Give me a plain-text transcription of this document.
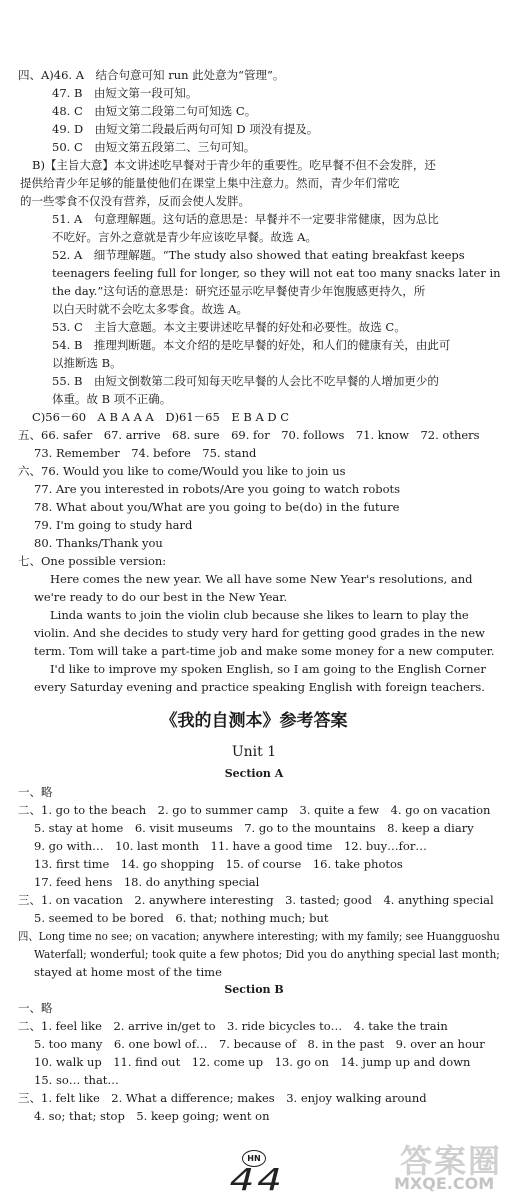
四、A)46. A　结合句意可知 run 此处意为“管理”。
47. B　由短文第一段可知。
48. C　由短文第二段第二句可知选 C。
49. D　由短文第二段最后两句可知 D 项没有提及。
50. C　由短文第五段第二、三句可知。
B)【主旨大意】本文讲述吃早餐对于青少年的重要性。吃早餐不但不会发胖，还
提供给青少年足够的能量使他们在课堂上集中注意力。然而，青少年们常吃
的一些零食不仅没有营养，反而会使人发胖。
51. A　句意理解题。这句话的意思是：早餐并不一定要非常健康，因为总比
不吃好。言外之意就是青少年应该吃早餐。故选 A。
52. A　细节理解题。“The study also showed that eating breakfast keeps
teenagers feeling full for longer, so they will not eat too many snacks later in
the day.”这句话的意思是：研究还显示吃早餐使青少年饱腹感更持久，所
以白天时就不会吃太多零食。故选 A。
53. C　主旨大意题。本文主要讲述吃早餐的好处和必要性。故选 C。
54. B　推理判断题。本文介绍的是吃早餐的好处，和人们的健康有关，由此可
以推断选 B。
55. B　由短文倒数第二段可知每天吃早餐的人会比不吃早餐的人增加更少的
体重。故 B 项不正确。
C)56－60　A B A A A　D)61－65　E B A D C
五、66. safer　67. arrive　68. sure　69. for　70. follows　71. know　72. others
73. Remember　74. before　75. stand
六、76. Would you like to come/Would you like to join us
77. Are you interested in robots/Are you going to watch robots
78. What about you/What are you going to be(do) in the future
79. I'm going to study hard
80. Thanks/Thank you
七、One possible version:
Here comes the new year. We all have some New Year's resolutions, and
we're ready to do our best in the New Year.
Linda wants to join the violin club because she likes to learn to play the
violin. And she decides to study very hard for getting good grades in the new
term. Tom will take a part-time job and make some money for a new computer.
I'd like to improve my spoken English, so I am going to the English Corner
every Saturday evening and practice speaking English with foreign teachers.
《我的自测本》参考答案
Unit 1
Section A
一、略
二、1. go to the beach　2. go to summer camp　3. quite a few　4. go on vacation
5. stay at home　6. visit museums　7. go to the mountains　8. keep a diary
9. go with…　10. last month　11. have a good time　12. buy…for…
13. first time　14. go shopping　15. of course　16. take photos
17. feed hens　18. do anything special
三、1. on vacation　2. anywhere interesting　3. tasted; good　4. anything special
5. seemed to be bored　6. that; nothing much; but
四、Long time no see; on vacation; anywhere interesting; with my family; see Huangguoshu
Waterfall; wonderful; took quite a few photos; Did you do anything special last month;
stayed at home most of the time
Section B
一、略
二、1. feel like　2. arrive in/get to　3. ride bicycles to…　4. take the train
5. too many　6. one bowl of…　7. because of　8. in the past　9. over an hour
10. walk up　11. find out　12. come up　13. go on　14. jump up and down
15. so… that…
三、1. felt like　2. What a difference; makes　3. enjoy walking around
4. so; that; stop　5. keep going; went on
HN
44
答案圈
MXQE.COM
